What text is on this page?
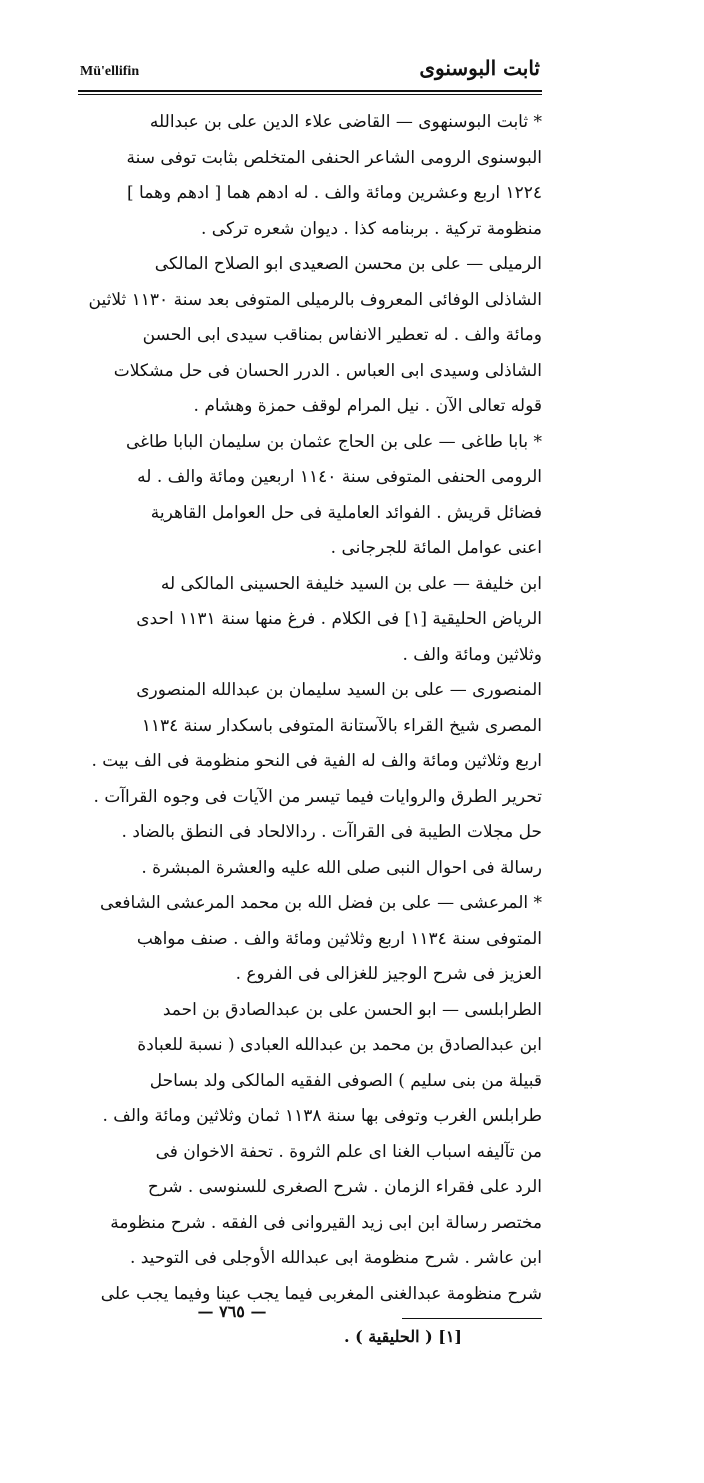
Mü'ellifin	ثابت البوسنوى
* ثابت البوسنهوى — القاضى علاء الدين على بن عبدالله
البوسنوى الرومى الشاعر الحنفى المتخلص بثابت توفى سنة
١٢٢٤ اربع وعشرين ومائة والف . له ادهم هما [ ادهم وهما ]
منظومة تركية . بربنامه كذا . ديوان شعره تركى .
الرميلى — على بن محسن الصعيدى ابو الصلاح المالكى
الشاذلى الوفائى المعروف بالرميلى المتوفى بعد سنة ١١٣٠ ثلاثين
ومائة والف . له تعطير الانفاس بمناقب سيدى ابى الحسن
الشاذلى وسيدى ابى العباس . الدرر الحسان فى حل مشكلات
قوله تعالى الآن . نيل المرام لوقف حمزة وهشام .
* بابا طاغى — على بن الحاج عثمان بن سليمان البابا طاغى
الرومى الحنفى المتوفى سنة ١١٤٠ اربعين ومائة والف . له
فضائل قريش . الفوائد العاملية فى حل العوامل القاهرية
اعنى عوامل المائة للجرجانى .
ابن خليفة — على بن السيد خليفة الحسينى المالكى له
الرياض الحليقية [١] فى الكلام . فرغ منها سنة ١١٣١ احدى
وثلاثين ومائة والف .
المنصورى — على بن السيد سليمان بن عبدالله المنصورى
المصرى شيخ القراء بالآستانة المتوفى باسكدار سنة ١١٣٤
اربع وثلاثين ومائة والف له الفية فى النحو منظومة فى الف بيت .
تحرير الطرق والروايات فيما تيسر من الآيات فى وجوه القراآت .
حل مجلات الطيبة فى القراآت . ردالالحاد فى النطق بالضاد .
رسالة فى احوال النبى صلى الله عليه والعشرة المبشرة .
* المرعشى — على بن فضل الله بن محمد المرعشى الشافعى
المتوفى سنة ١١٣٤ اربع وثلاثين ومائة والف . صنف مواهب
العزيز فى شرح الوجيز للغزالى فى الفروع .
الطرابلسى — ابو الحسن على بن عبدالصادق بن احمد
ابن عبدالصادق بن محمد بن عبدالله العبادى ( نسبة للعبادة
قبيلة من بنى سليم ) الصوفى الفقيه المالكى ولد بساحل
طرابلس الغرب وتوفى بها سنة ١١٣٨ ثمان وثلاثين ومائة والف .
من تآليفه اسباب الغنا اى علم الثروة . تحفة الاخوان فى
الرد على فقراء الزمان . شرح الصغرى للسنوسى . شرح
مختصر رسالة ابن ابى زيد القيروانى فى الفقه . شرح منظومة
ابن عاشر . شرح منظومة ابى عبدالله الأوجلى فى التوحيد .
شرح منظومة عبدالغنى المغربى فيما يجب عينا وفيما يجب على
[١] ( الحليقية ) .
— ٧٦٥ —
